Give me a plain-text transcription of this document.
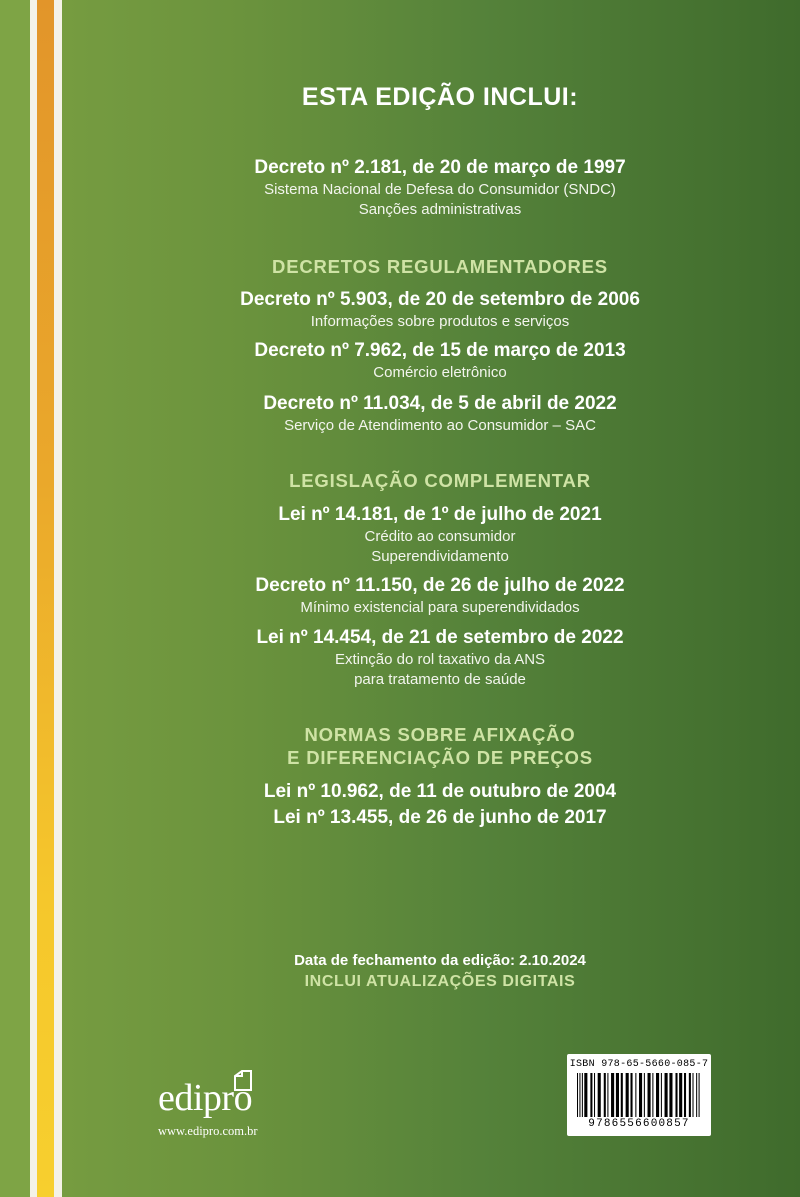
ESTA EDIÇÃO INCLUI:
Decreto nº 2.181, de 20 de março de 1997
Sistema Nacional de Defesa do Consumidor (SNDC)
Sanções administrativas
DECRETOS REGULAMENTADORES
Decreto nº 5.903, de 20 de setembro de 2006
Informações sobre produtos e serviços
Decreto nº 7.962, de 15 de março de 2013
Comércio eletrônico
Decreto nº 11.034, de 5 de abril de 2022
Serviço de Atendimento ao Consumidor – SAC
LEGISLAÇÃO COMPLEMENTAR
Lei nº 14.181, de 1º de julho de 2021
Crédito ao consumidor
Superendividamento
Decreto nº 11.150, de 26 de julho de 2022
Mínimo existencial para superendividados
Lei nº 14.454, de 21 de setembro de 2022
Extinção do rol taxativo da ANS
para tratamento de saúde
NORMAS SOBRE AFIXAÇÃO
E DIFERENCIAÇÃO DE PREÇOS
Lei nº 10.962, de 11 de outubro de 2004
Lei nº 13.455, de 26 de junho de 2017
Data de fechamento da edição: 2.10.2024
INCLUI ATUALIZAÇÕES DIGITAIS
edipro
www.edipro.com.br
ISBN 978-65-5660-085-7
9786556600857
